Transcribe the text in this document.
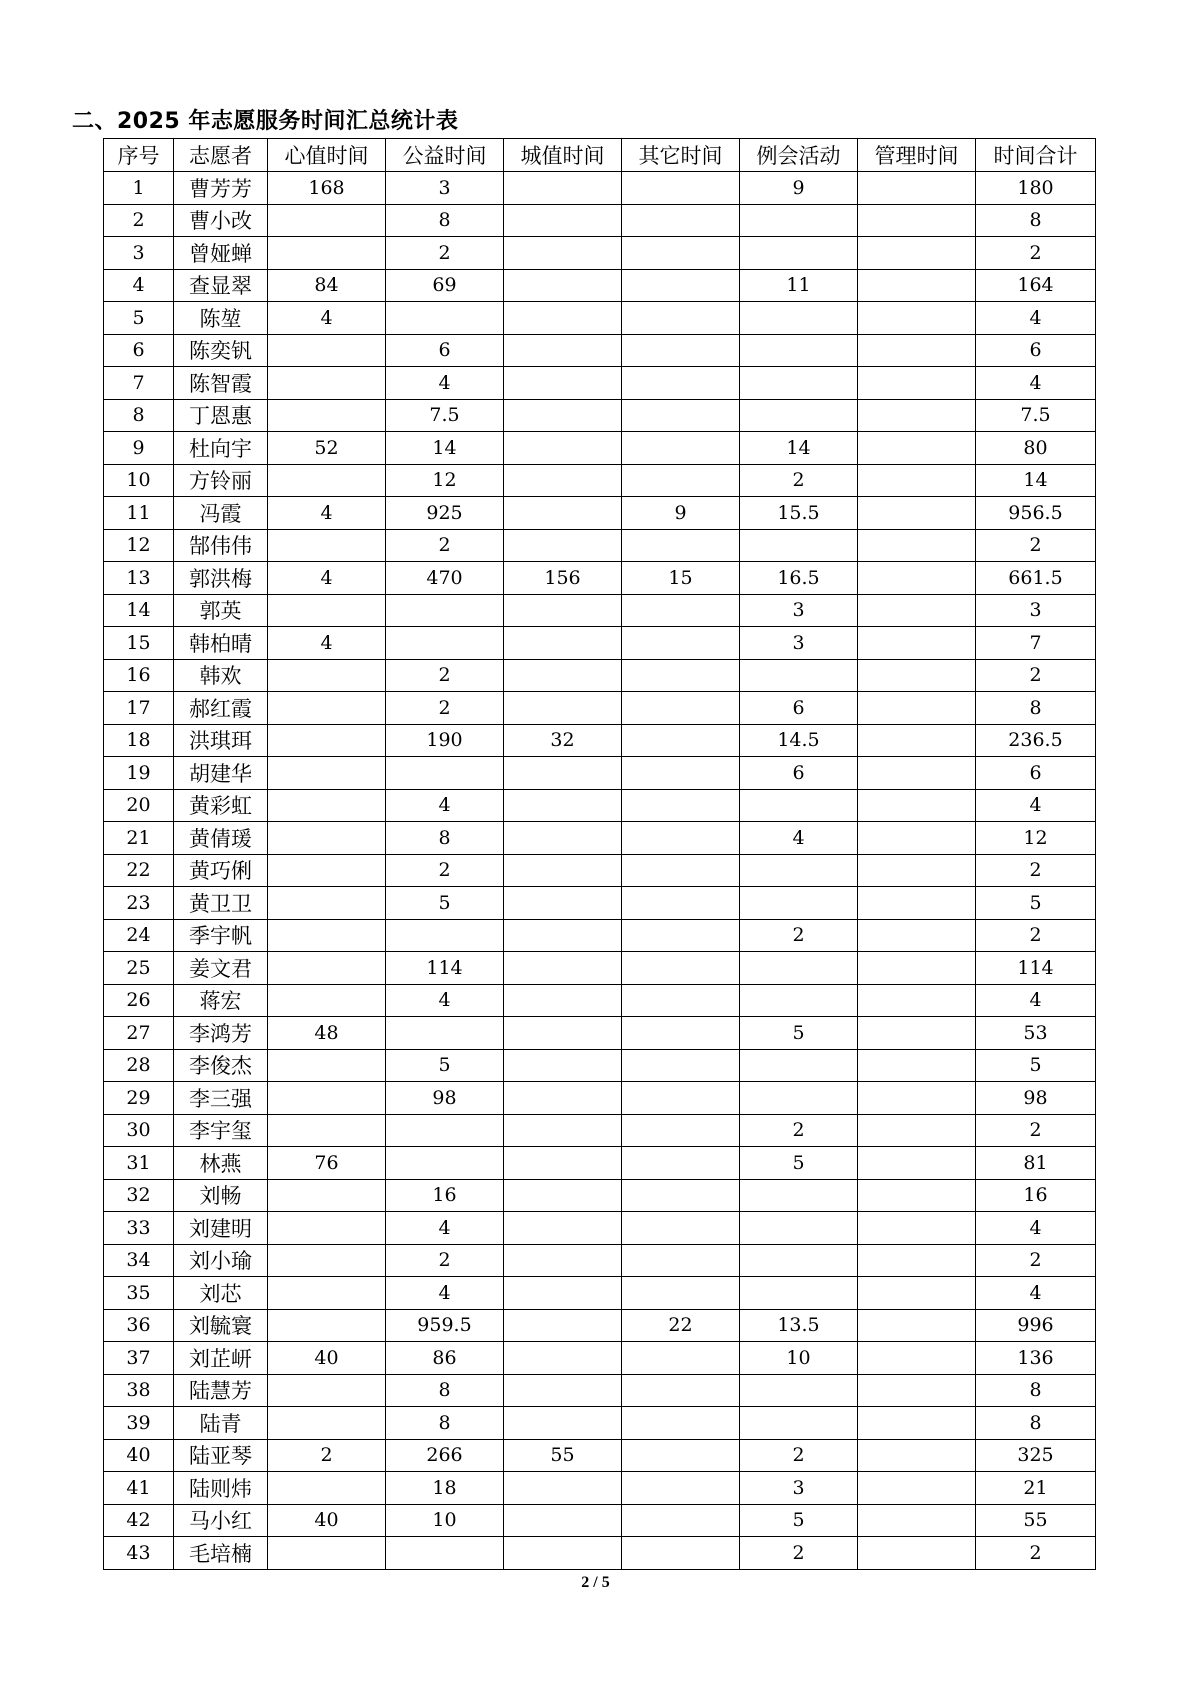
二、2025 年志愿服务时间汇总统计表
序号	志愿者	心值时间	公益时间	城值时间	其它时间	例会活动	管理时间	时间合计
1	曹芳芳	168	3			9		180
2	曹小改		8					8
3	曾娅蝉		2					2
4	查显翠	84	69			11		164
5	陈堃	4						4
6	陈奕钒		6					6
7	陈智霞		4					4
8	丁恩惠		7.5					7.5
9	杜向宇	52	14			14		80
10	方铃丽		12			2		14
11	冯霞	4	925		9	15.5		956.5
12	郜伟伟		2					2
13	郭洪梅	4	470	156	15	16.5		661.5
14	郭英					3		3
15	韩柏晴	4				3		7
16	韩欢		2					2
17	郝红霞		2			6		8
18	洪琪珥		190	32		14.5		236.5
19	胡建华					6		6
20	黄彩虹		4					4
21	黄倩瑗		8			4		12
22	黄巧俐		2					2
23	黄卫卫		5					5
24	季宇帆					2		2
25	姜文君		114					114
26	蒋宏		4					4
27	李鸿芳	48				5		53
28	李俊杰		5					5
29	李三强		98					98
30	李宇玺					2		2
31	林燕	76				5		81
32	刘畅		16					16
33	刘建明		4					4
34	刘小瑜		2					2
35	刘芯		4					4
36	刘毓寰		959.5		22	13.5		996
37	刘芷岍	40	86			10		136
38	陆慧芳		8					8
39	陆青		8					8
40	陆亚琴	2	266	55		2		325
41	陆则炜		18			3		21
42	马小红	40	10			5		55
43	毛培楠					2		2
2 / 5
